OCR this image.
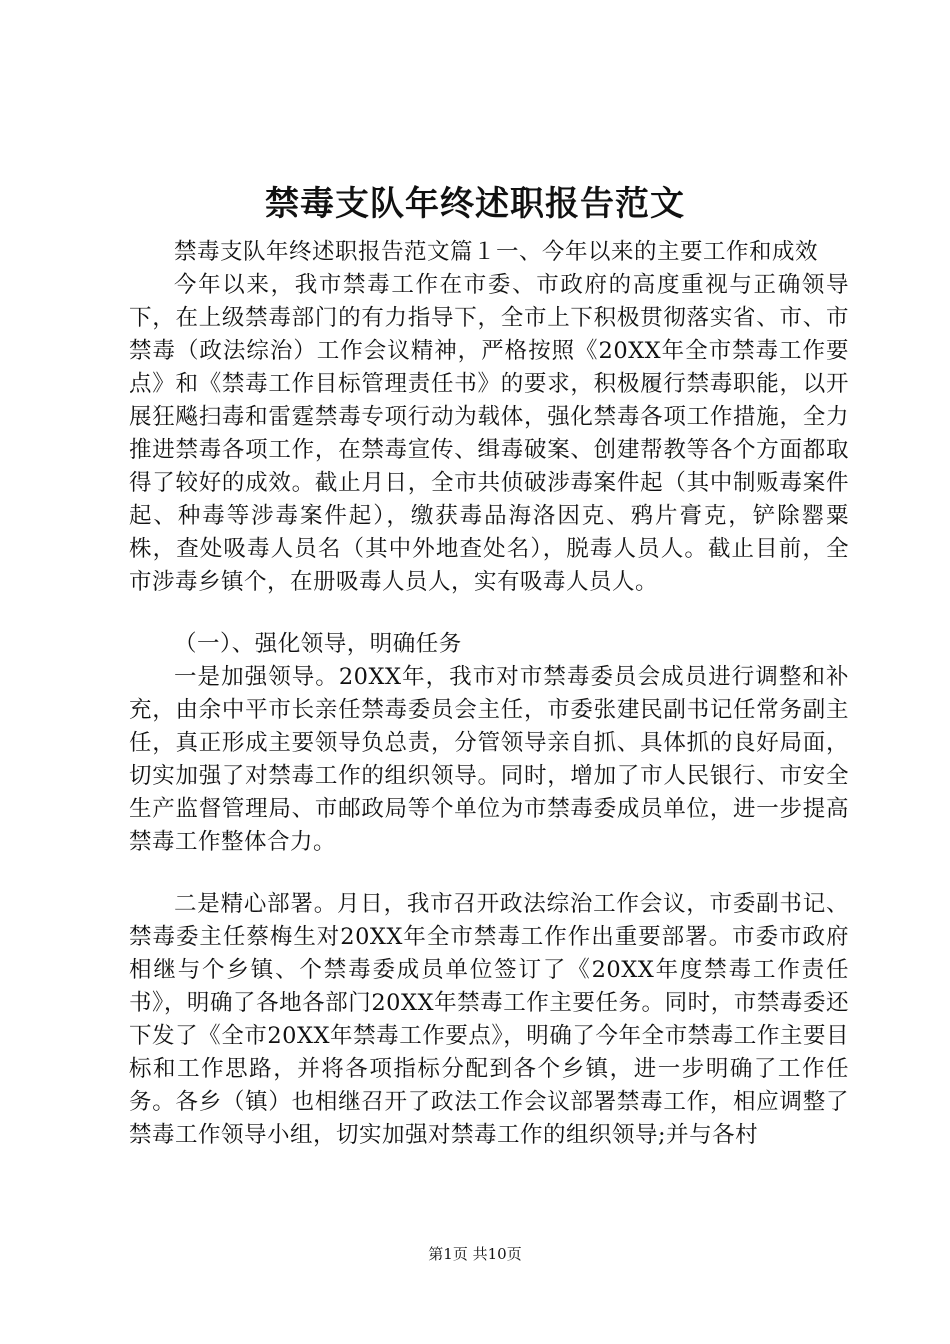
禁毒支队年终述职报告范文

禁毒支队年终述职报告范文篇１一、今年以来的主要工作和成效

今年以来，我市禁毒工作在市委、市政府的高度重视与正确领导下，在上级禁毒部门的有力指导下，全市上下积极贯彻落实省、市、市禁毒（政法综治）工作会议精神，严格按照《20XX年全市禁毒工作要点》和《禁毒工作目标管理责任书》的要求，积极履行禁毒职能，以开展狂飚扫毒和雷霆禁毒专项行动为载体，强化禁毒各项工作措施，全力推进禁毒各项工作，在禁毒宣传、缉毒破案、创建帮教等各个方面都取得了较好的成效。截止月日，全市共侦破涉毒案件起（其中制贩毒案件起、种毒等涉毒案件起），缴获毒品海洛因克、鸦片膏克，铲除罂粟株，查处吸毒人员名（其中外地查处名），脱毒人员人。截止目前，全市涉毒乡镇个，在册吸毒人员人，实有吸毒人员人。

（一）、强化领导，明确任务

一是加强领导。20XX年，我市对市禁毒委员会成员进行调整和补充，由余中平市长亲任禁毒委员会主任，市委张建民副书记任常务副主任，真正形成主要领导负总责，分管领导亲自抓、具体抓的良好局面，切实加强了对禁毒工作的组织领导。同时，增加了市人民银行、市安全生产监督管理局、市邮政局等个单位为市禁毒委成员单位，进一步提高禁毒工作整体合力。

二是精心部署。月日，我市召开政法综治工作会议，市委副书记、禁毒委主任蔡梅生对20XX年全市禁毒工作作出重要部署。市委市政府相继与个乡镇、个禁毒委成员单位签订了《20XX年度禁毒工作责任书》，明确了各地各部门20XX年禁毒工作主要任务。同时，市禁毒委还下发了《全市20XX年禁毒工作要点》，明确了今年全市禁毒工作主要目标和工作思路，并将各项指标分配到各个乡镇，进一步明确了工作任务。各乡（镇）也相继召开了政法工作会议部署禁毒工作，相应调整了禁毒工作领导小组，切实加强对禁毒工作的组织领导;并与各村

第1页 共10页
